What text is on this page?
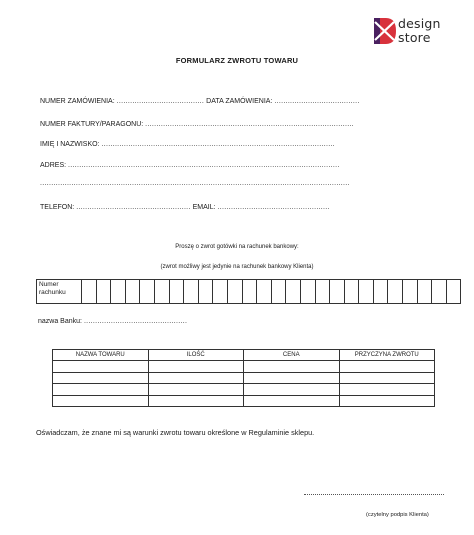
design
store
FORMULARZ ZWROTU TOWARU
NUMER ZAMÓWIENIA: ....................................... DATA ZAMÓWIENIA: ......................................
NUMER FAKTURY/PARAGONU: .............................................................................................
IMIĘ I NAZWISKO: ........................................................................................................
ADRES: .........................................................................................................................
..........................................................................................................................................
TELEFON: ................................................... EMAIL: ..................................................
Proszę o zwrot gotówki na rachunek bankowy:
(zwrot możliwy jest jedynie na rachunek bankowy Klienta)
Numer rachunku																										
nazwa Banku: ..............................................
NAZWA TOWARU	ILOŚĆ	CENA	PRZYCZYNA ZWROTU

Oświadczam, że znane mi są warunki zwrotu towaru określone w Regulaminie sklepu.
(czytelny podpis Klienta)
